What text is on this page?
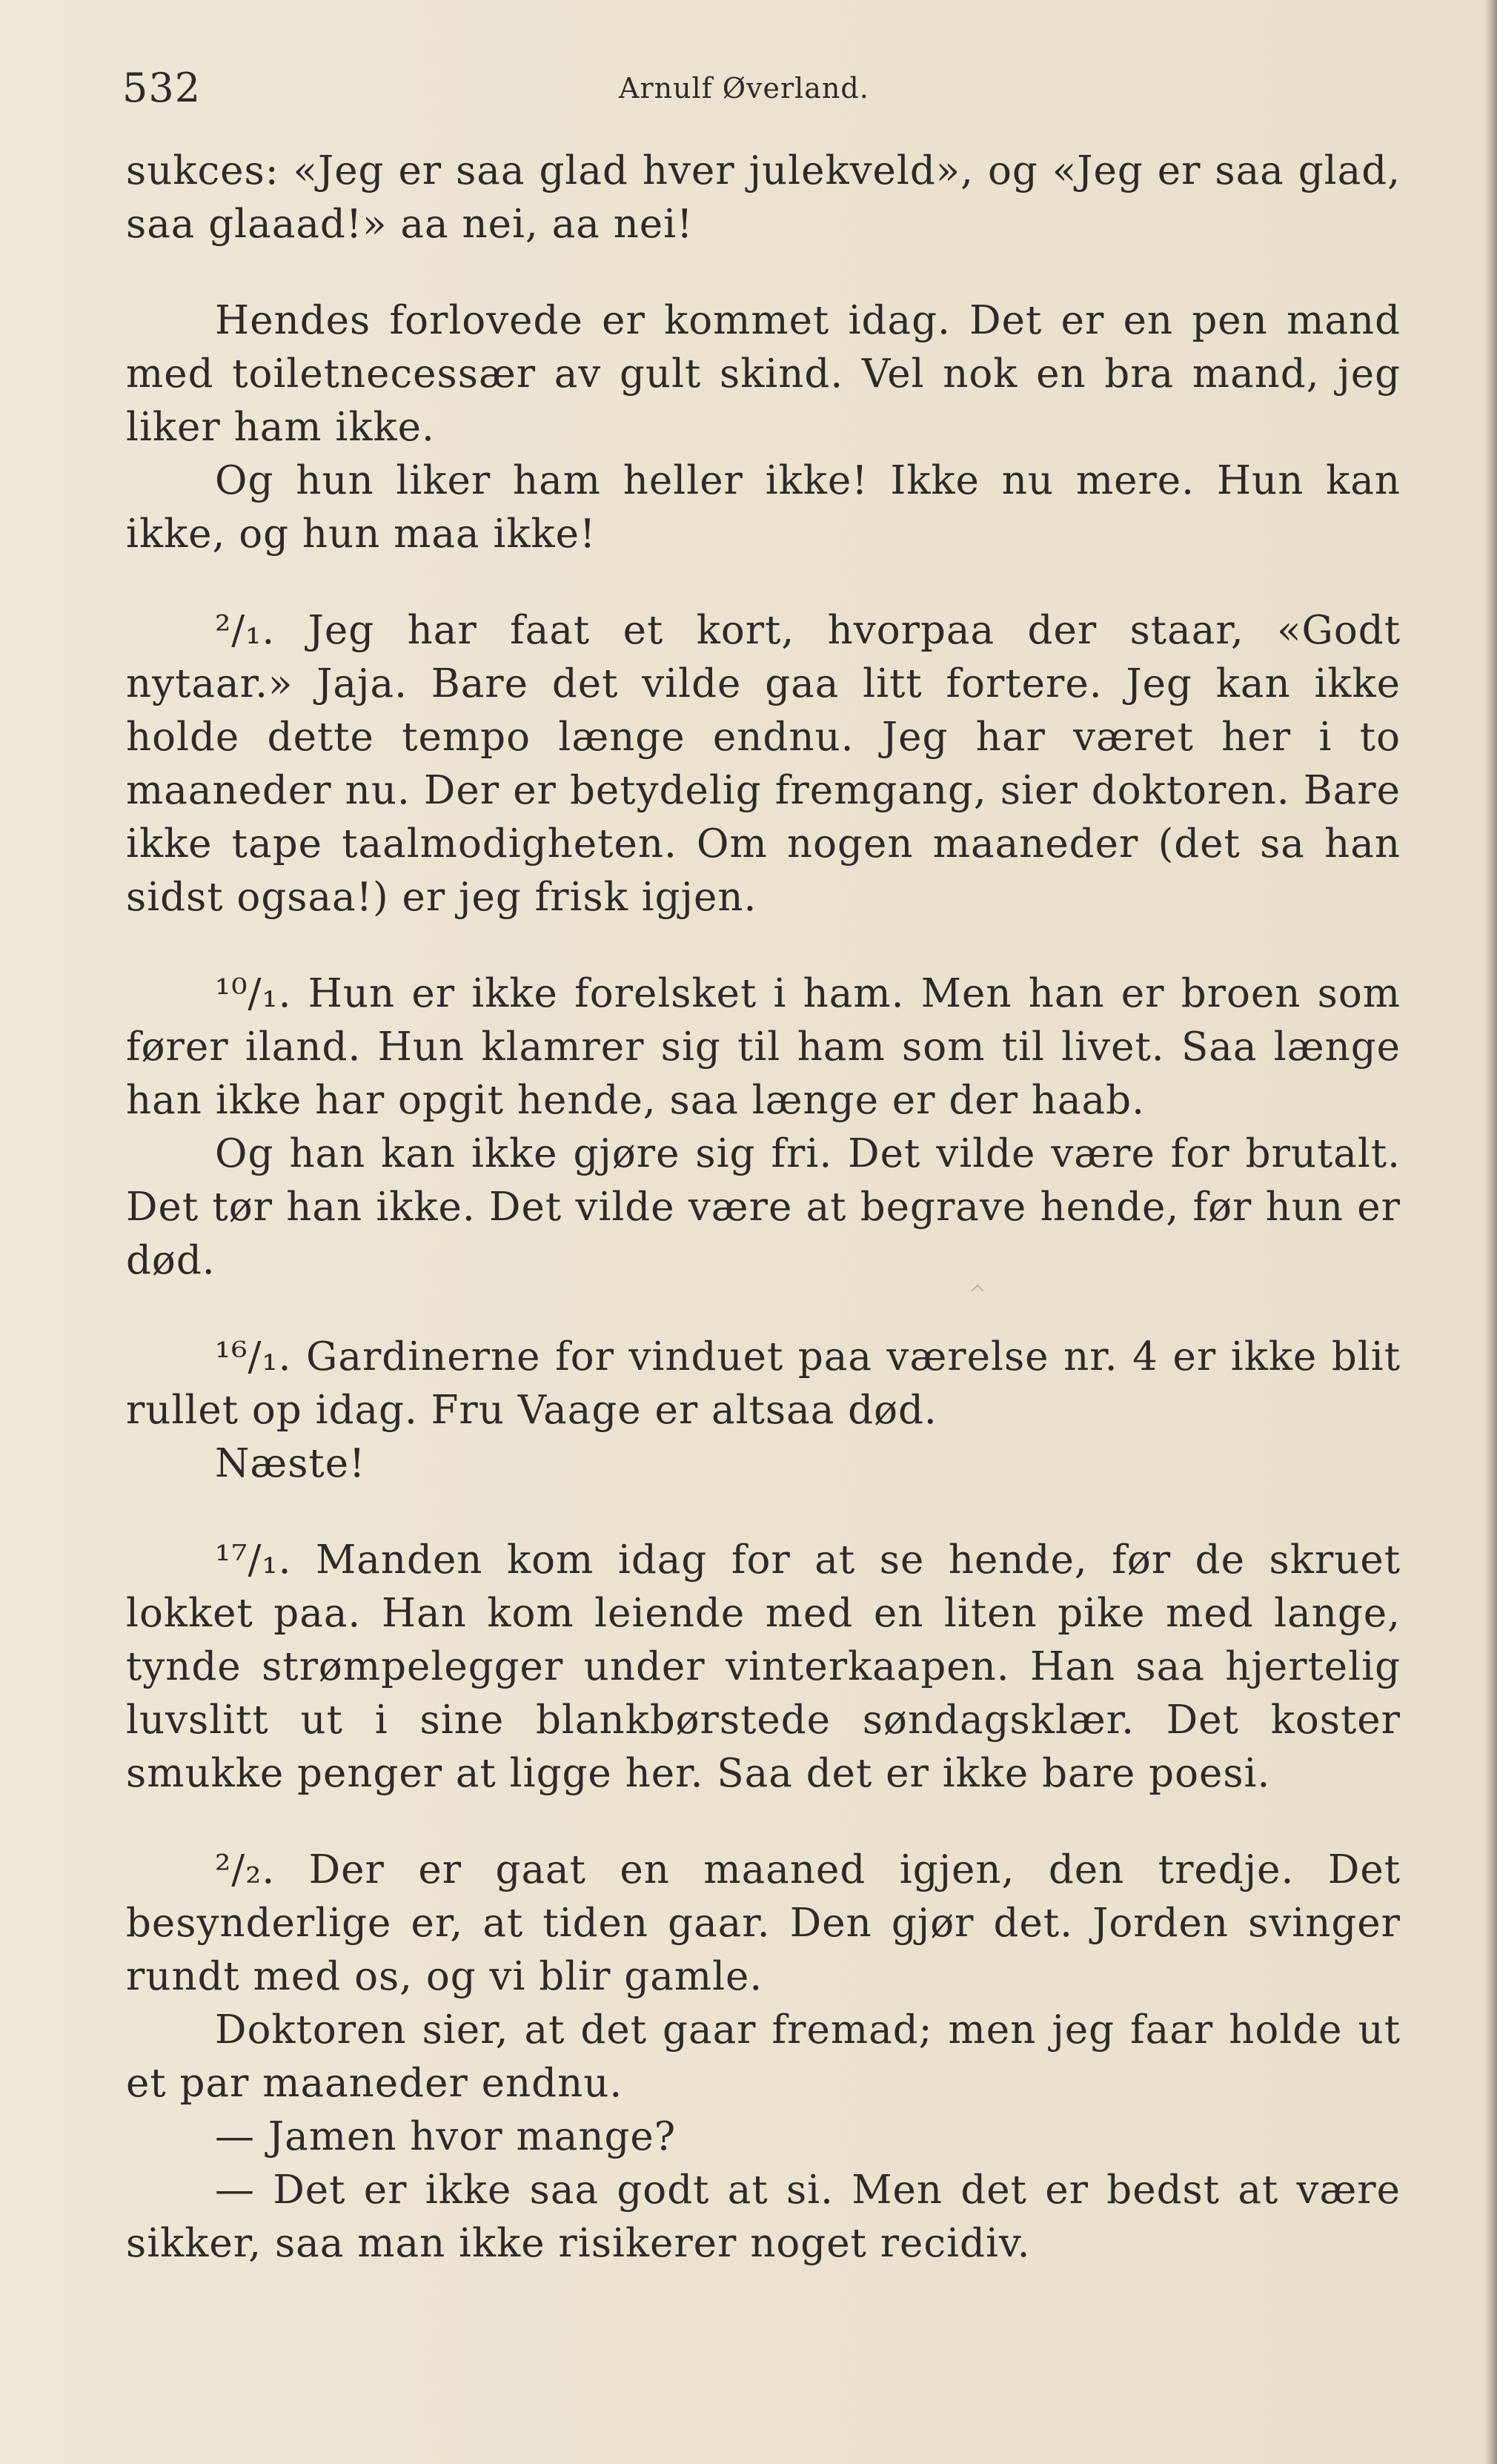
532	Arnulf Øverland.

sukces: «Jeg er saa glad hver julekveld», og «Jeg er saa glad, saa glaaad!» aa nei, aa nei!

Hendes forlovede er kommet idag. Det er en pen mand med toiletnecessær av gult skind. Vel nok en bra mand, jeg liker ham ikke.

Og hun liker ham heller ikke! Ikke nu mere. Hun kan ikke, og hun maa ikke!

²/₁. Jeg har faat et kort, hvorpaa der staar, «Godt nytaar.» Jaja. Bare det vilde gaa litt fortere. Jeg kan ikke holde dette tempo længe endnu. Jeg har været her i to maaneder nu. Der er betydelig fremgang, sier doktoren. Bare ikke tape taalmodigheten. Om nogen maaneder (det sa han sidst ogsaa!) er jeg frisk igjen.

¹⁰/₁. Hun er ikke forelsket i ham. Men han er broen som fører iland. Hun klamrer sig til ham som til livet. Saa længe han ikke har opgit hende, saa længe er der haab.

Og han kan ikke gjøre sig fri. Det vilde være for brutalt. Det tør han ikke. Det vilde være at begrave hende, før hun er død.

¹⁶/₁. Gardinerne for vinduet paa værelse nr. 4 er ikke blit rullet op idag. Fru Vaage er altsaa død.

Næste!

¹⁷/₁. Manden kom idag for at se hende, før de skruet lokket paa. Han kom leiende med en liten pike med lange, tynde strømpelegger under vinterkaapen. Han saa hjertelig luvslitt ut i sine blankbørstede søndagsklær. Det koster smukke penger at ligge her. Saa det er ikke bare poesi.

²/₂. Der er gaat en maaned igjen, den tredje. Det besynderlige er, at tiden gaar. Den gjør det. Jorden svinger rundt med os, og vi blir gamle.

Doktoren sier, at det gaar fremad; men jeg faar holde ut et par maaneder endnu.

— Jamen hvor mange?

— Det er ikke saa godt at si. Men det er bedst at være sikker, saa man ikke risikerer noget recidiv.
